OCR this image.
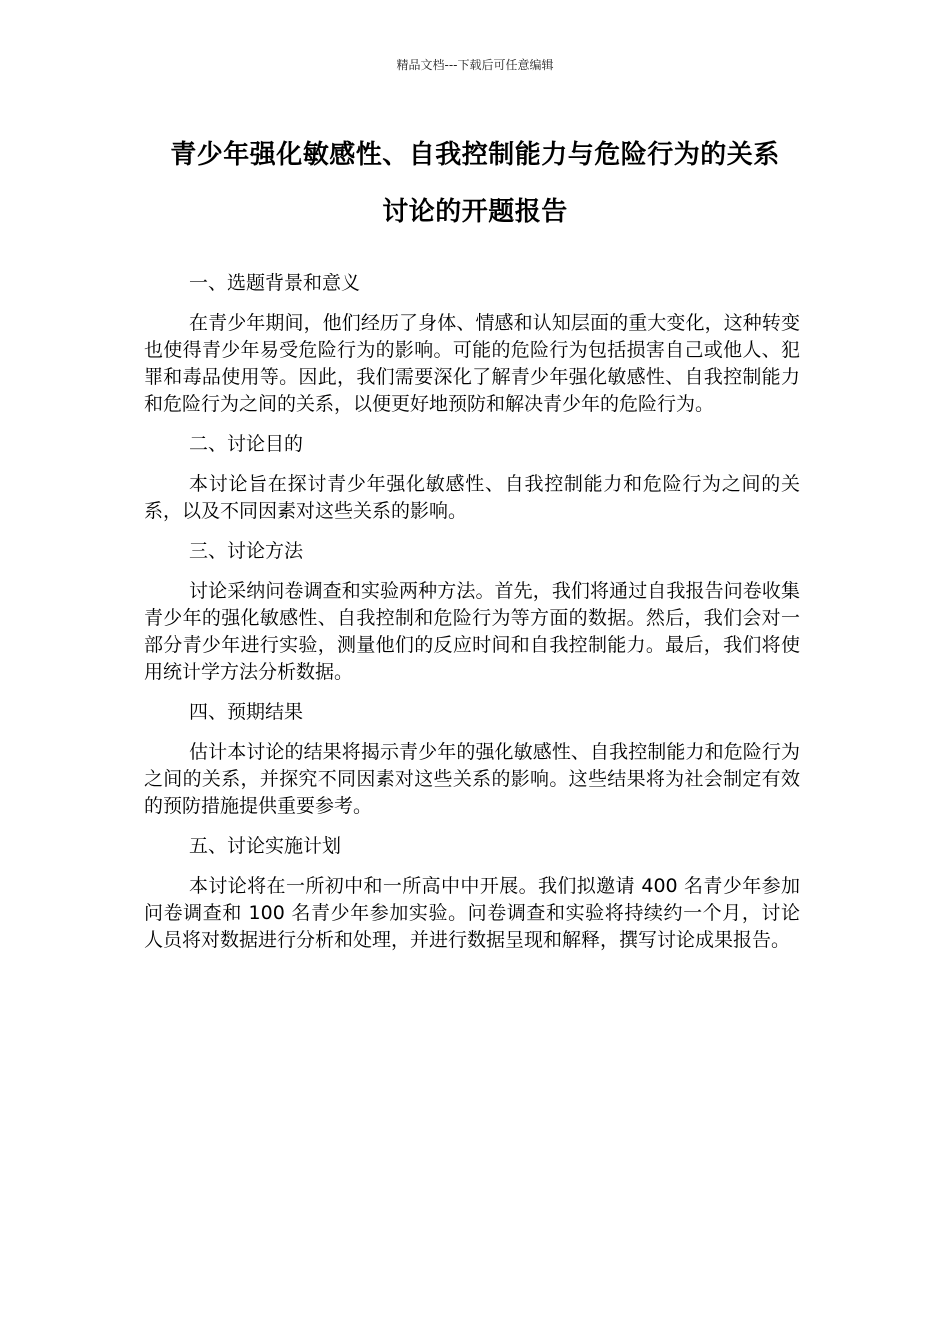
精品文档---下载后可任意编辑
青少年强化敏感性、自我控制能力与危险行为的关系
讨论的开题报告
一、选题背景和意义

在青少年期间，他们经历了身体、情感和认知层面的重大变化，这种转变也使得青少年易受危险行为的影响。可能的危险行为包括损害自己或他人、犯罪和毒品使用等。因此，我们需要深化了解青少年强化敏感性、自我控制能力和危险行为之间的关系，以便更好地预防和解决青少年的危险行为。

二、讨论目的

本讨论旨在探讨青少年强化敏感性、自我控制能力和危险行为之间的关系，以及不同因素对这些关系的影响。

三、讨论方法

讨论采纳问卷调查和实验两种方法。首先，我们将通过自我报告问卷收集青少年的强化敏感性、自我控制和危险行为等方面的数据。然后，我们会对一部分青少年进行实验，测量他们的反应时间和自我控制能力。最后，我们将使用统计学方法分析数据。

四、预期结果

估计本讨论的结果将揭示青少年的强化敏感性、自我控制能力和危险行为之间的关系，并探究不同因素对这些关系的影响。这些结果将为社会制定有效的预防措施提供重要参考。

五、讨论实施计划

本讨论将在一所初中和一所高中中开展。我们拟邀请 400 名青少年参加问卷调查和 100 名青少年参加实验。问卷调查和实验将持续约一个月，讨论人员将对数据进行分析和处理，并进行数据呈现和解释，撰写讨论成果报告。
